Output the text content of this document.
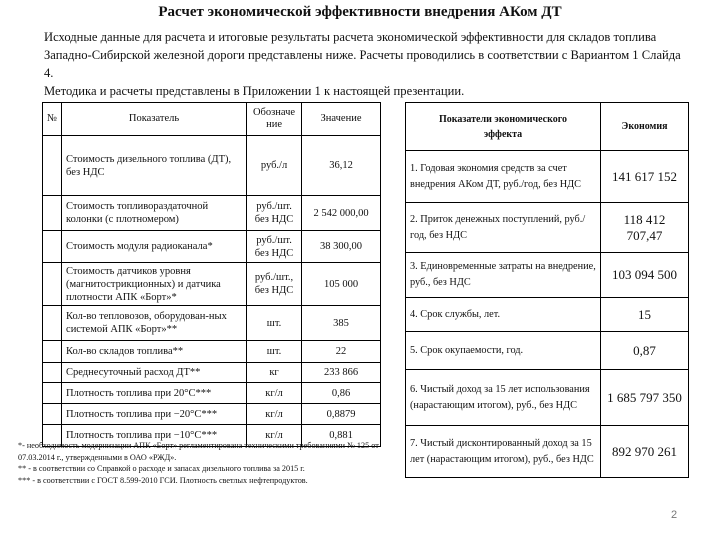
Расчет экономической эффективности внедрения АКом ДТ

Исходные данные для расчета и итоговые результаты расчета экономической эффективности для складов топлива Западно-Сибирской железной дороги представлены ниже. Расчеты проводились в соответствии с Вариантом 1 Слайда 4.

Методика и расчеты представлены в Приложении 1 к настоящей презентации.

№	Показатель	Обозначение	Значение
	Стоимость дизельного топлива (ДТ), без НДС	руб./л	36,12
	Стоимость топливораздаточной колонки (с плотномером)	руб./шт. без НДС	2 542 000,00
	Стоимость модуля радиоканала*	руб./шт. без НДС	38 300,00
	Стоимость датчиков уровня (магнитострикционных) и датчика плотности АПК «Борт»*	руб./шт., без НДС	105 000
	Кол-во тепловозов, оборудован-ных системой АПК «Борт»**	шт.	385
	Кол-во складов топлива**	шт.	22
	Среднесуточный расход ДТ**	кг	233 866
	Плотность топлива при 20°C***	кг/л	0,86
	Плотность топлива при −20°C***	кг/л	0,8879
	Плотность топлива при −10°C***	кг/л	0,881
Показатели экономического эффекта	Экономия
1. Годовая экономия средств за счет внедрения АКом ДТ, руб./год, без НДС	141 617 152
2. Приток денежных поступлений, руб./год, без НДС	118 412 707,47
3. Единовременные затраты на внедрение, руб., без НДС	103 094 500
4. Срок службы, лет.	15
5. Срок окупаемости, год.	0,87
6. Чистый доход за 15 лет использования (нарастающим итогом), руб., без НДС	1 685 797 350
7. Чистый дисконтированный доход за 15 лет (нарастающим итогом), руб., без НДС	892 970 261

*- необходимость модернизации АПК «Борт» регламентирована техническими требованиями № 125 от 07.03.2014 г., утвержденными в ОАО «РЖД».

** - в соответствии со Справкой о расходе и запасах дизельного топлива за 2015 г.

*** - в соответствии с ГОСТ 8.599-2010 ГСИ. Плотность светлых нефтепродуктов.

2
